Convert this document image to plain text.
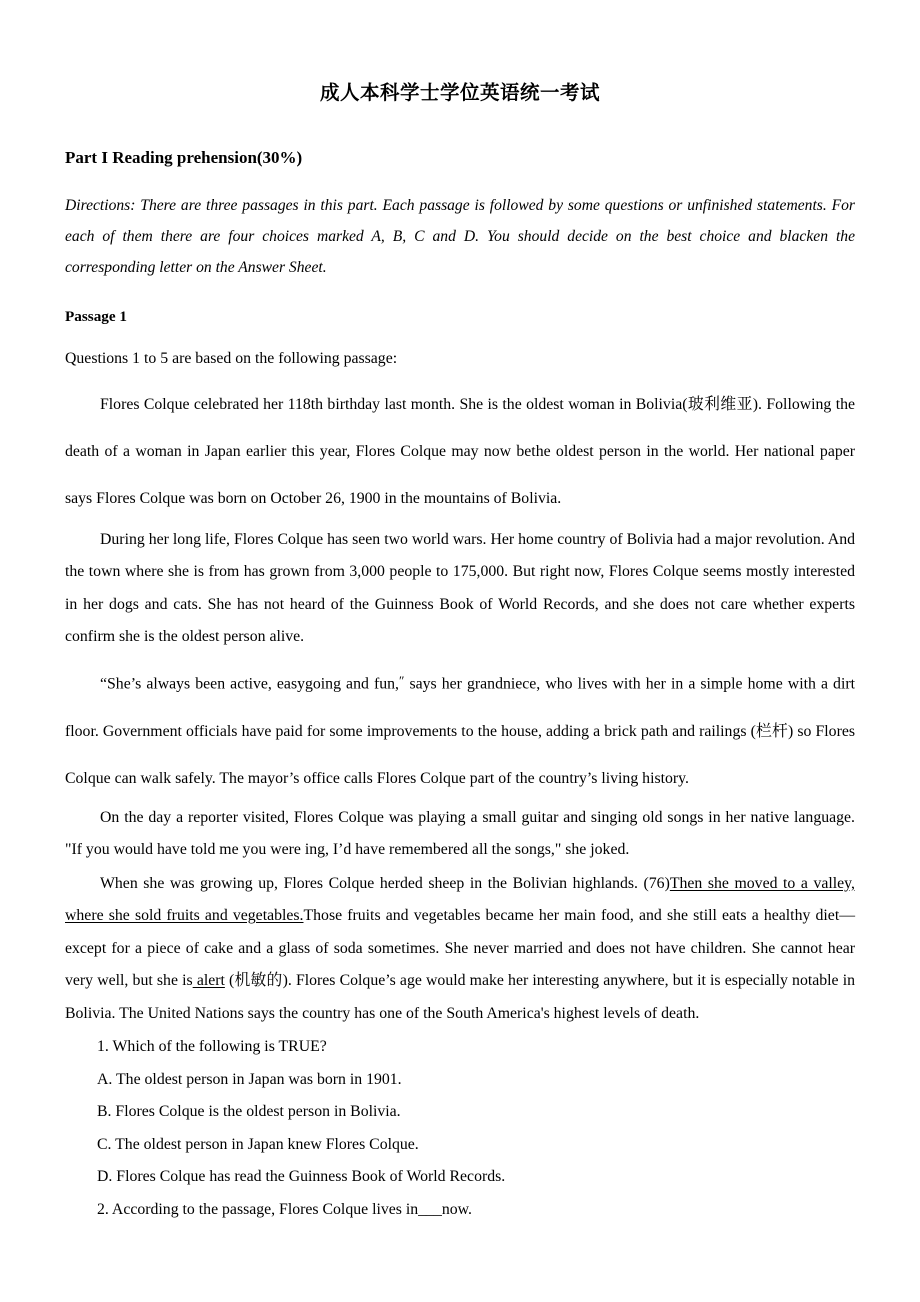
成人本科学士学位英语统一考试
Part I Reading prehension(30%)

Directions: There are three passages in this part. Each passage is followed by some questions or unfinished statements. For each of them there are four choices marked A, B, C and D. You should decide on the best choice and blacken the corresponding letter on the Answer Sheet.

Passage 1

Questions 1 to 5 are based on the following passage:

Flores Colque celebrated her 118th birthday last month. She is the oldest woman in Bolivia(玻利维亚). Following the death of a woman in Japan earlier this year, Flores Colque may now bethe oldest person in the world. Her national paper says Flores Colque was born on October 26, 1900 in the mountains of Bolivia.

During her long life, Flores Colque has seen two world wars. Her home country of Bolivia had a major revolution. And the town where she is from has grown from 3,000 people to 175,000. But right now, Flores Colque seems mostly interested in her dogs and cats. She has not heard of the Guinness Book of World Records, and she does not care whether experts confirm she is the oldest person alive.

“She’s always been active, easygoing and fun,″ says her grandniece, who lives with her in a simple home with a dirt floor. Government officials have paid for some improvements to the house, adding a brick path and railings (栏杆) so Flores Colque can walk safely. The mayor’s office calls Flores Colque part of the country’s living history.

On the day a reporter visited, Flores Colque was playing a small guitar and singing old songs in her native language. "If you would have told me you were ing, I’d have remembered all the songs," she joked.

When she was growing up, Flores Colque herded sheep in the Bolivian highlands. (76)Then she moved to a valley, where she sold fruits and vegetables.Those fruits and vegetables became her main food, and she still eats a healthy diet—except for a piece of cake and a glass of soda sometimes. She never married and does not have children. She cannot hear very well, but she is alert (机敏的). Flores Colque’s age would make her interesting anywhere, but it is especially notable in Bolivia. The United Nations says the country has one of the South America's highest levels of death.

1. Which of the following is TRUE?
A. The oldest person in Japan was born in 1901.
B. Flores Colque is the oldest person in Bolivia.
C. The oldest person in Japan knew Flores Colque.
D. Flores Colque has read the Guinness Book of World Records.
2. According to the passage, Flores Colque lives in___now.
